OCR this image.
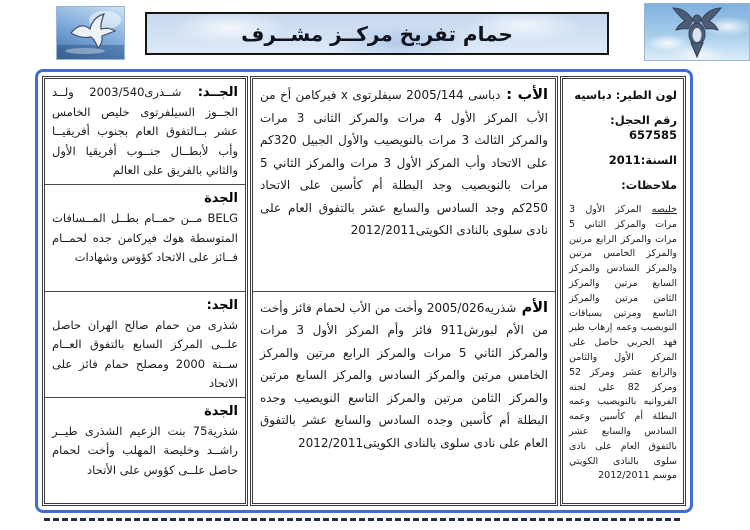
حمام تفريخ مركــز مشــرف
لون الطير: دباسيه
رقم الحجل: 657585
السنة:2011
ملاحظات:

خليصه المركز الأول 3 مرات والمركز الثاني 5 مرات والمركز الرابع مرتين والمركز الخامس مرتين والمركز السادس والمركز السابع مرتين والمركز الثامن مرتين والمركز التاسع ومرتين بسباقات النويصيب وعمه إرهاب طير فهد الحربي حاصل على المركز الأول والثامن والرابع عشر ومركز 52 ومركز 82 على لجنه الفروانيه بالنويصيب وعمه البطلة أم كأسين وعمه السادس والسابع عشر بالتفوق العام على نادى سلوى بالنادى الكويتي موسم 2012/2011

الأب : دباسى 2005/144 سيفلرتوى x فيركامن أخ من الأب المركز الأول 4 مرات والمركز الثانى 3 مرات والمركز الثالث 3 مرات بالنويصيب والأول الجبيل 320كم على الاتحاد وأب المركز الأول 3 مرات والمركز الثاني 5 مرات بالنويصيب وجد البطلة أم كأسين على الاتحاد 250كم وجد السادس والسابع عشر بالتفوق العام على نادى سلوى بالنادى الكويتى2012/2011

الأم شذريه2005/026 وأخت من الأب لحمام فائز وأخت من الأم لبورش911 فائز وأم المركز الأول 3 مرات والمركز الثاني 5 مرات والمركز الرابع مرتين والمركز الخامس مرتين والمركز السادس والمركز السابع مرتين والمركز الثامن مرتين والمركز التاسع النويصيب وجده البطلة أم كأسين وجده السادس والسابع عشر بالتفوق العام على نادى سلوى بالنادى الكويتى2012/2011

الجــد: شــذرى2003/540 ولــد الجــوز السيلفرتوى خليص الخامس عشر بــالتفوق العام بجنوب أفريقيــا وأب لأبطــال جنــوب أفريقيا الأول والثاني بالفريق على العالم

الجدة

BELG مــن حمــام بطــل المــسافات المتوسطة هوك فيركامن جده لحمــام فــائز على الاتحاد كؤوس وشهادات

الجد:

شذرى من حمام صالح الهران حاصل علــى المركز السابع بالتفوق العــام ســنة 2000 ومصلح حمام فائز على الاتحاد

الجدة

شذرية75 بنت الزعيم الشذرى طيــر راشــد وخليصة المهلب وأخت لحمام حاصل علــى كؤوس على الأتحاد
